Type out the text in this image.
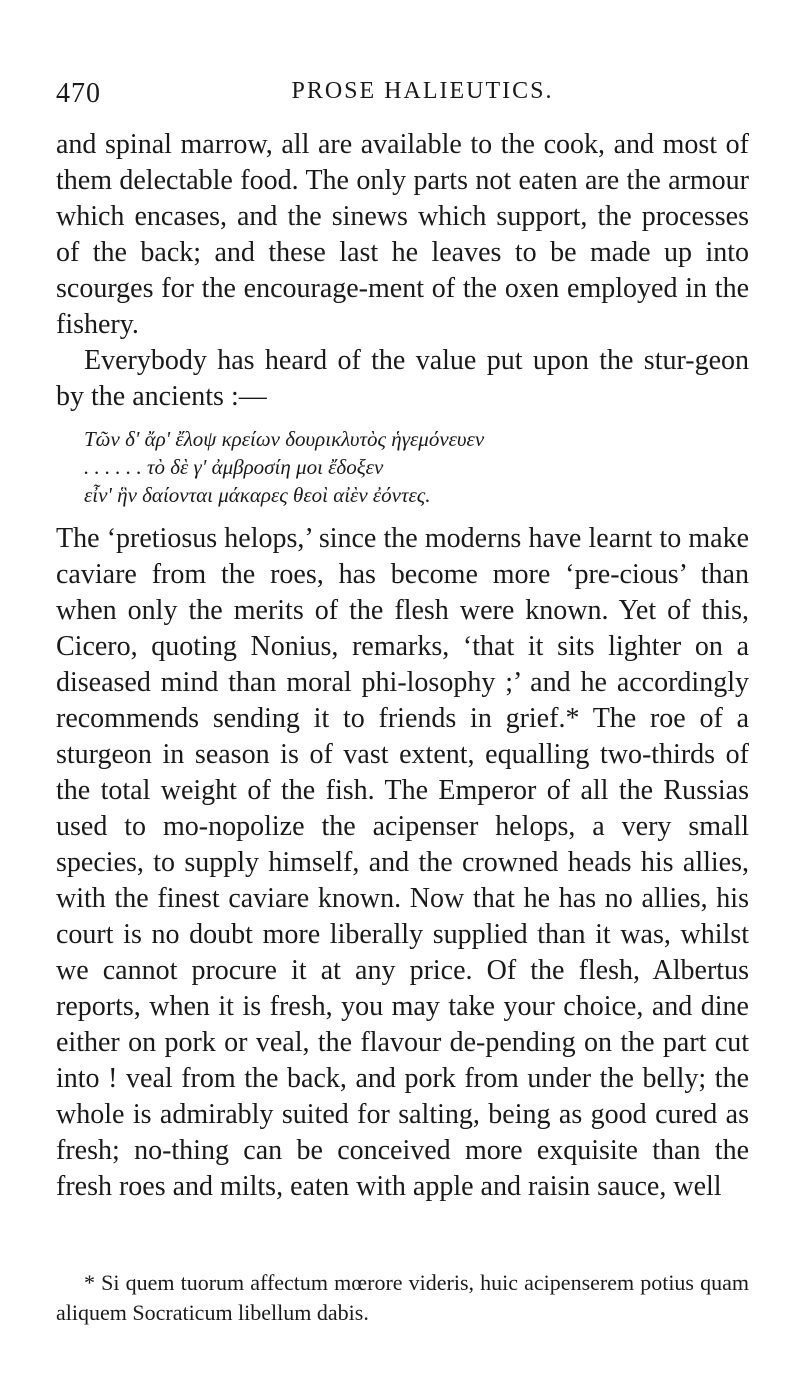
470	PROSE HALIEUTICS.

and spinal marrow, all are available to the cook, and most of them delectable food. The only parts not eaten are the armour which encases, and the sinews which support, the processes of the back; and these last he leaves to be made up into scourges for the encourage-ment of the oxen employed in the fishery.

Everybody has heard of the value put upon the stur-geon by the ancients :—

Τῶν δ' ἄρ' ἔλοψ κρείων δουρικλυτὸς ἡγεμόνευεν
. . . . . . τὸ δὲ γ' ἀμβροσίη μοι ἔδοξεν
εἶν' ἣν δαίονται μάκαρες θεοὶ αἰὲν ἐόντες.

The ‘pretiosus helops,’ since the moderns have learnt to make caviare from the roes, has become more ‘pre-cious’ than when only the merits of the flesh were known. Yet of this, Cicero, quoting Nonius, remarks, ‘that it sits lighter on a diseased mind than moral phi-losophy ;’ and he accordingly recommends sending it to friends in grief.* The roe of a sturgeon in season is of vast extent, equalling two-thirds of the total weight of the fish. The Emperor of all the Russias used to mo-nopolize the acipenser helops, a very small species, to supply himself, and the crowned heads his allies, with the finest caviare known. Now that he has no allies, his court is no doubt more liberally supplied than it was, whilst we cannot procure it at any price. Of the flesh, Albertus reports, when it is fresh, you may take your choice, and dine either on pork or veal, the flavour de-pending on the part cut into ! veal from the back, and pork from under the belly; the whole is admirably suited for salting, being as good cured as fresh; no-thing can be conceived more exquisite than the fresh roes and milts, eaten with apple and raisin sauce, well

* Si quem tuorum affectum mœrore videris, huic acipenserem potius quam aliquem Socraticum libellum dabis.
